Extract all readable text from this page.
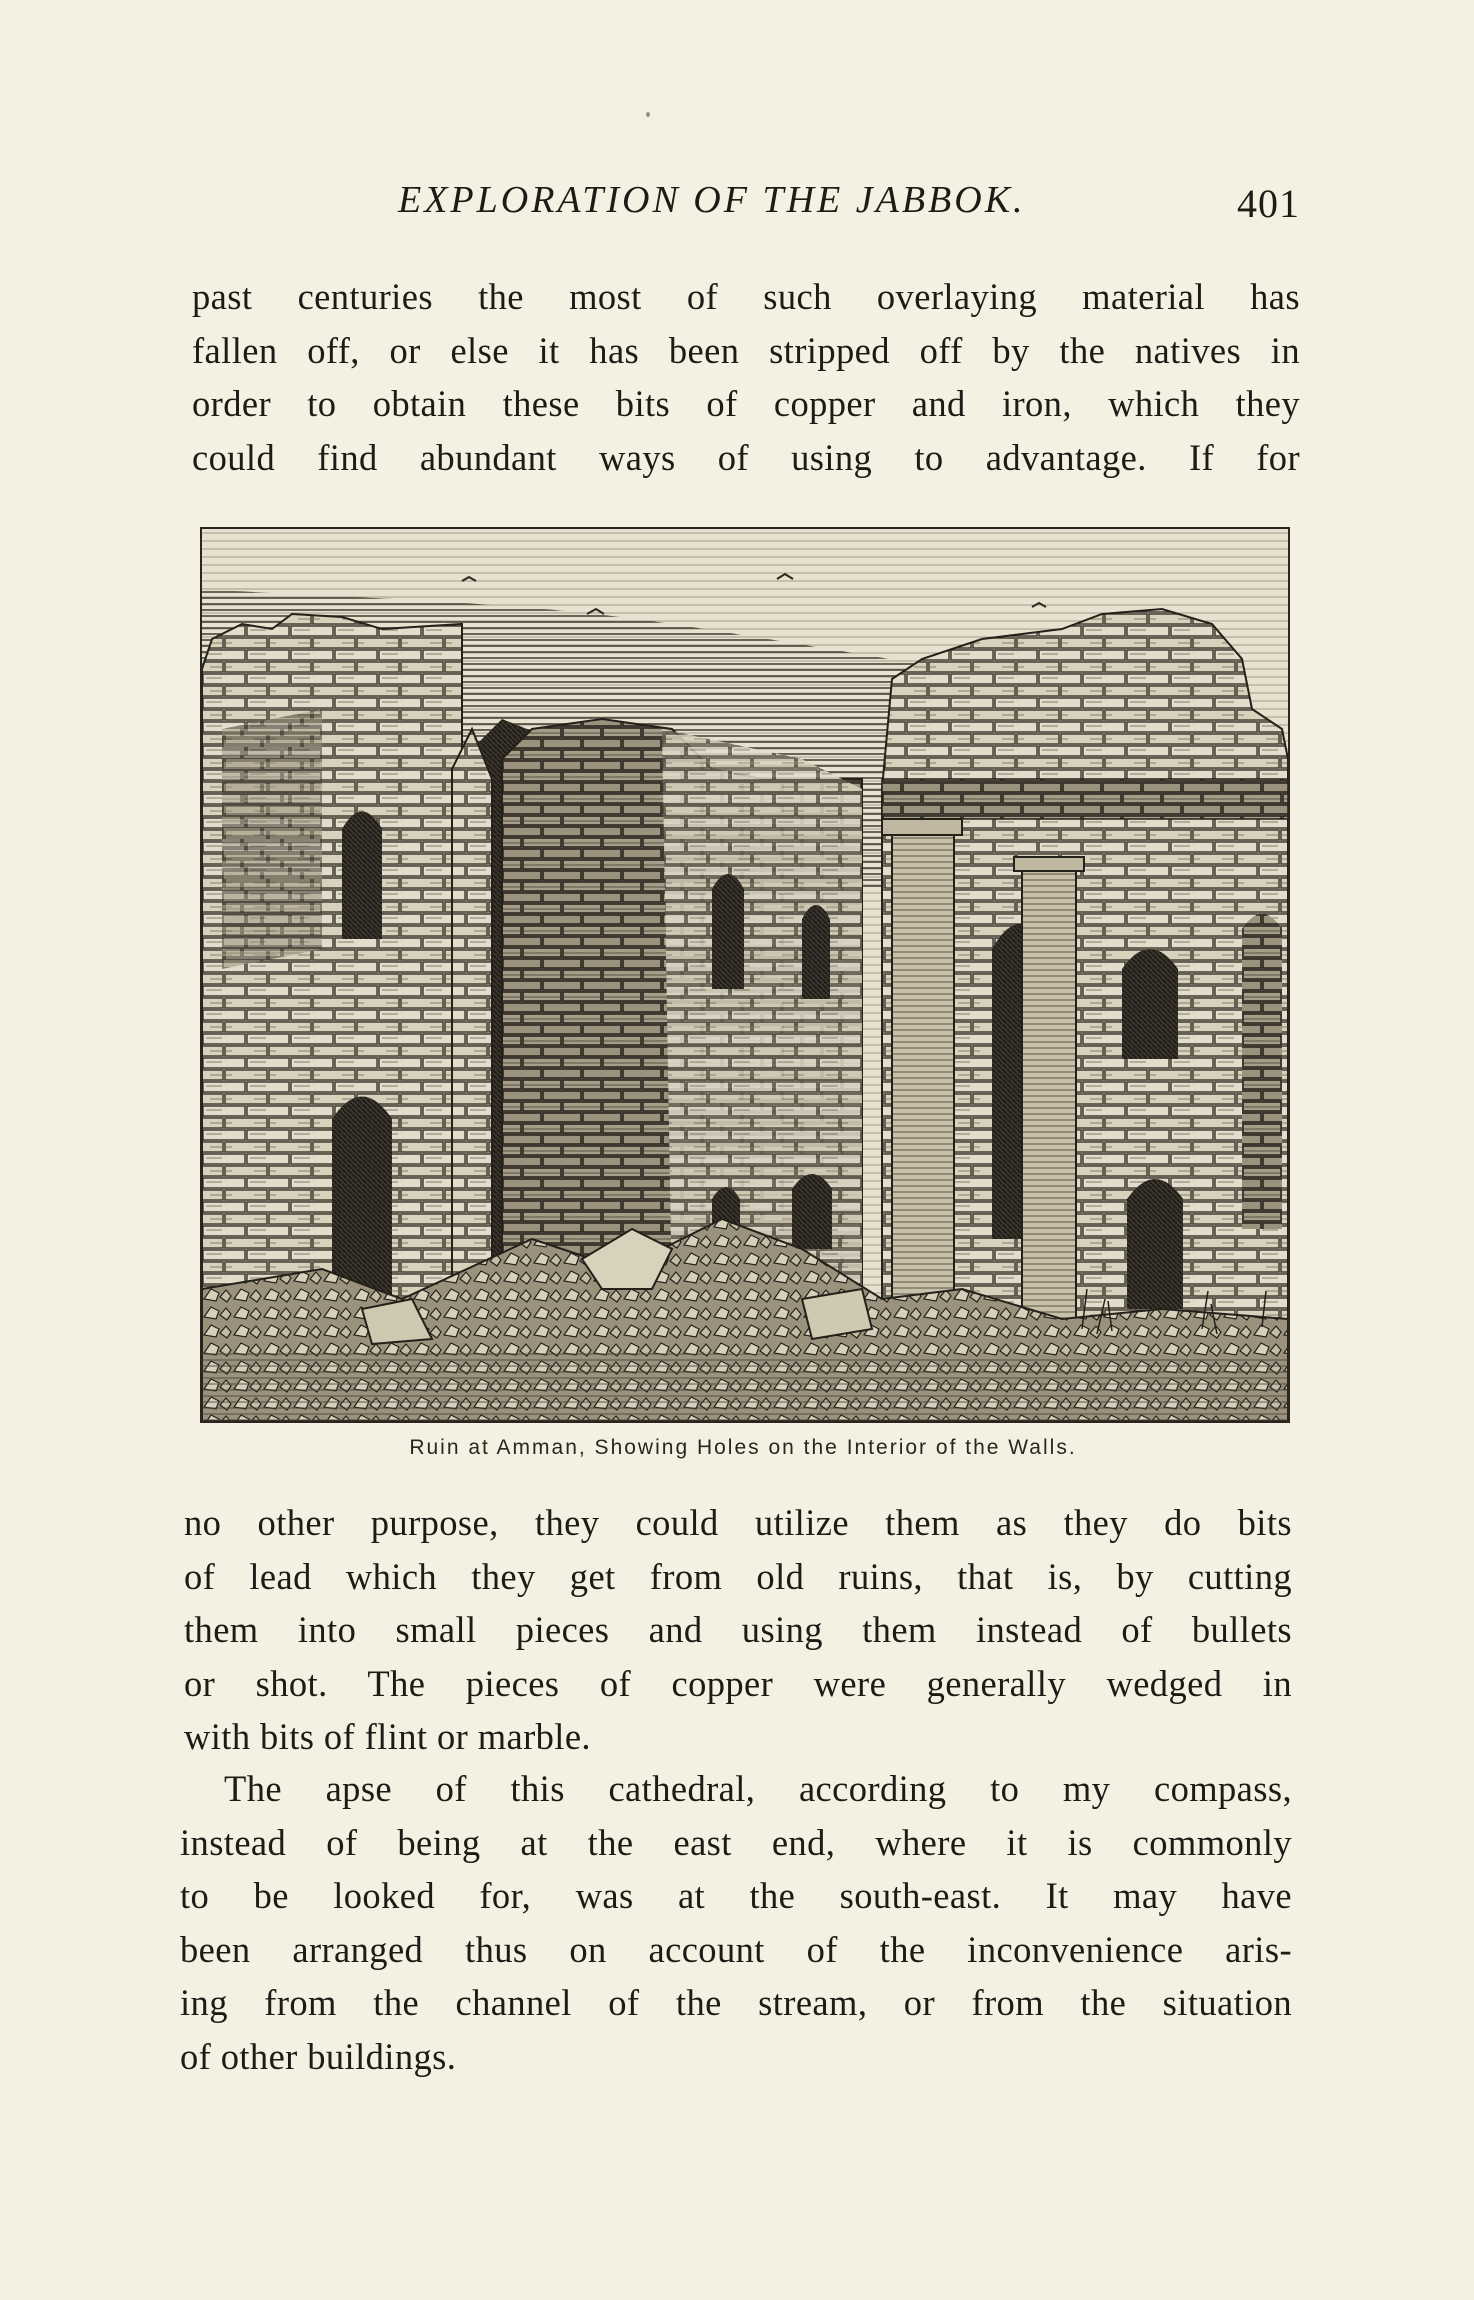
EXPLORATION OF THE JABBOK.	401
past centuries the most of such overlaying material has
fallen off, or else it has been stripped off by the natives in
order to obtain these bits of copper and iron, which they
could find abundant ways of using to advantage. If for
Ruin at Amman, Showing Holes on the Interior of the Walls.
no other purpose, they could utilize them as they do bits
of lead which they get from old ruins, that is, by cutting
them into small pieces and using them instead of bullets
or shot. The pieces of copper were generally wedged in
with bits of flint or marble.
The apse of this cathedral, according to my compass,
instead of being at the east end, where it is commonly
to be looked for, was at the south-east. It may have
been arranged thus on account of the inconvenience aris-
ing from the channel of the stream, or from the situation
of other buildings.
